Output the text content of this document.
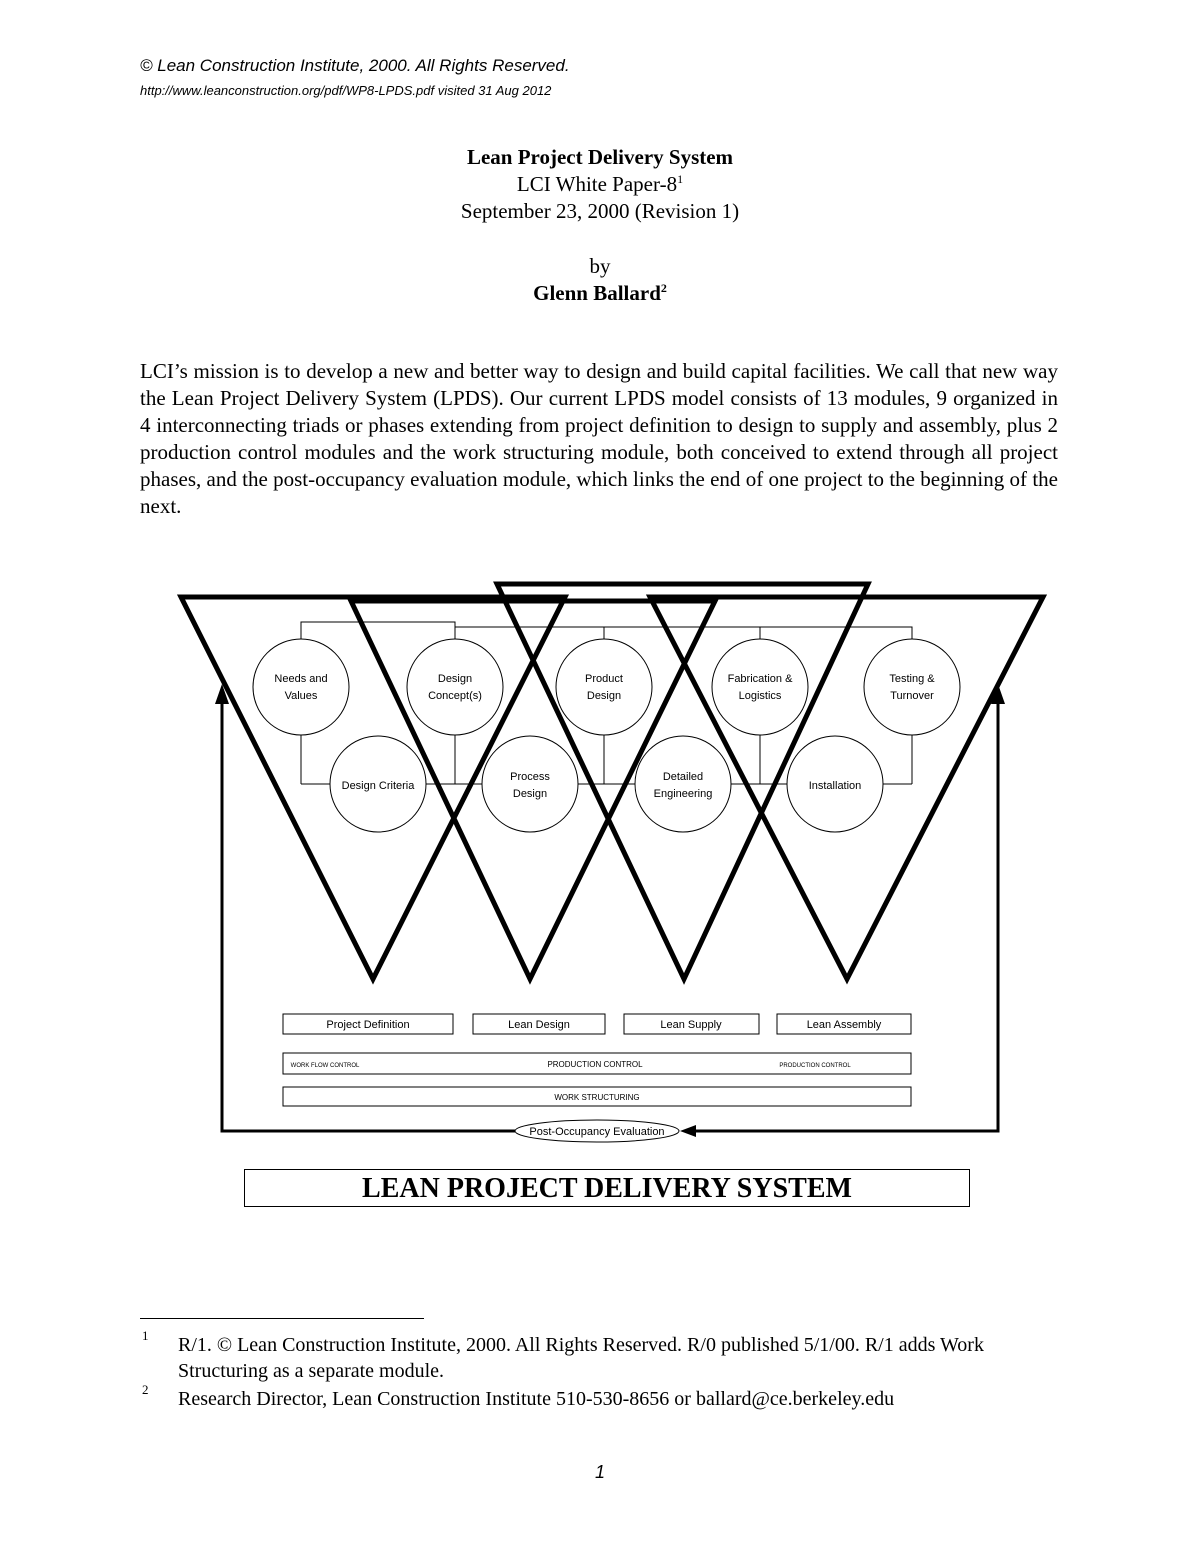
© Lean Construction Institute, 2000. All Rights Reserved.
http://www.leanconstruction.org/pdf/WP8-LPDS.pdf visited 31 Aug 2012
Lean Project Delivery System
LCI White Paper-$8^1$
September 23, 2000 (Revision 1)
by
Glenn Ballard$^2$

LCI’s mission is to develop a new and better way to design and build capital facilities. We call that new way the Lean Project Delivery System (LPDS). Our current LPDS model consists of 13 modules, 9 organized in 4 interconnecting triads or phases extending from project definition to design to supply and assembly, plus 2 production control modules and the work structuring module, both conceived to extend through all project phases, and the post-occupancy evaluation module, which links the end of one project to the beginning of the next.

Needs and
Values
Design
Concept(s)
Product
Design
Fabrication &
Logistics
Testing &
Turnover
Design Criteria
Process
Design
Detailed
Engineering
Installation
Project Definition	Lean Design	Lean Supply	Lean Assembly
WORK FLOW CONTROL	PRODUCTION CONTROL	PRODUCTION CONTROL
WORK STRUCTURING
Post-Occupancy Evaluation
LEAN PROJECT DELIVERY SYSTEM
1 R/1. © Lean Construction Institute, 2000. All Rights Reserved. R/0 published 5/1/00. R/1 adds Work Structuring as a separate module.

2 Research Director, Lean Construction Institute 510-530-8656 or ballard@ce.berkeley.edu

1
